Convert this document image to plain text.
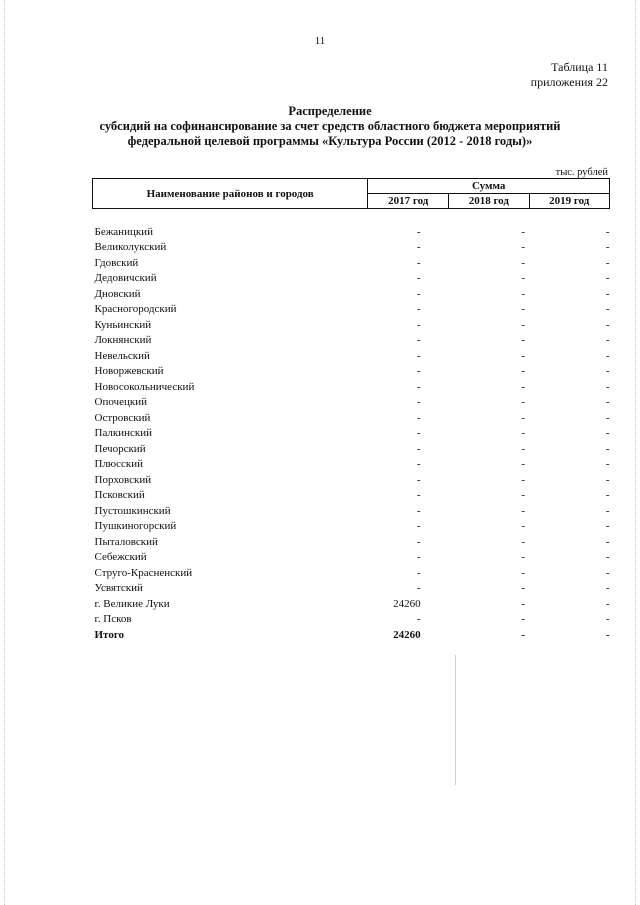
11
Таблица 11
приложения 22
Распределение
субсидий на софинансирование за счет средств областного бюджета мероприятий
федеральной целевой программы «Культура России (2012 - 2018 годы)»
тыс. рублей
Наименование районов и городов	Сумма		
	2017 год	2018 год	2019 год

Бежаницкий	-	-	-
Великолукский	-	-	-
Гдовский	-	-	-
Дедовичский	-	-	-
Дновский	-	-	-
Красногородский	-	-	-
Куньинский	-	-	-
Локнянский	-	-	-
Невельский	-	-	-
Новоржевский	-	-	-
Новосокольнический	-	-	-
Опочецкий	-	-	-
Островский	-	-	-
Палкинский	-	-	-
Печорский	-	-	-
Плюсский	-	-	-
Порховский	-	-	-
Псковский	-	-	-
Пустошкинский	-	-	-
Пушкиногорский	-	-	-
Пыталовский	-	-	-
Себежский	-	-	-
Струго-Красненский	-	-	-
Усвятский	-	-	-
г. Великие Луки	24260	-	-
г. Псков	-	-	-
Итого	24260	-	-
